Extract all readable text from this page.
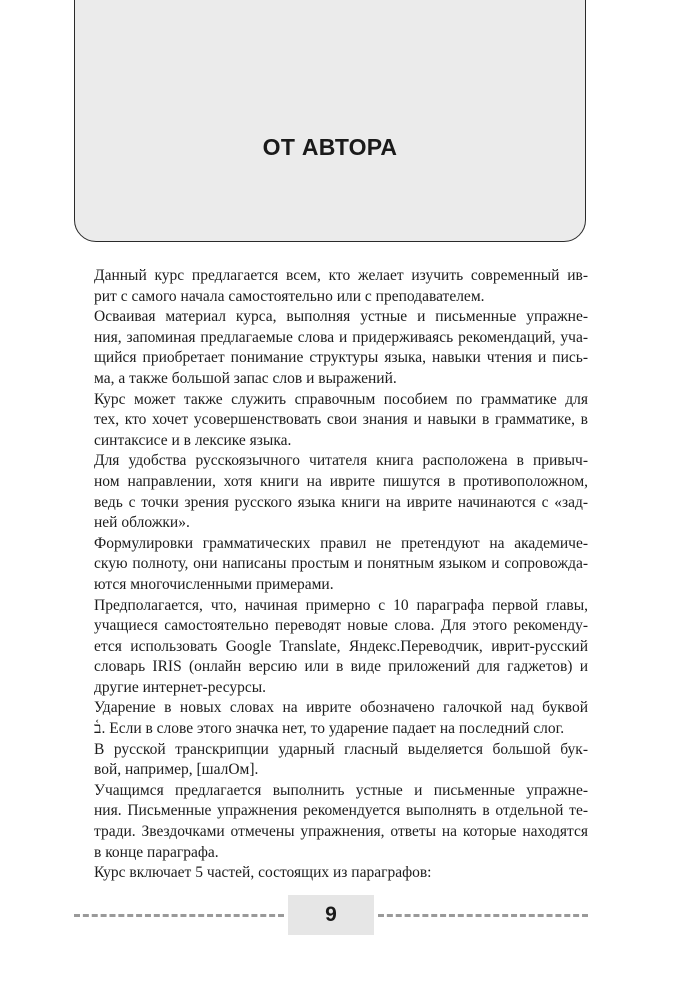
ОТ АВТОРА

Данный курс предлагается всем, кто желает изучить современный ив-
рит с самого начала самостоятельно или с преподавателем.

Осваивая материал курса, выполняя устные и письменные упражне-
ния, запоминая предлагаемые слова и придерживаясь рекомендаций, уча-
щийся приобретает понимание структуры языка, навыки чтения и пись-
ма, а также большой запас слов и выражений.

Курс может также служить справочным пособием по грамматике для
тех, кто хочет усовершенствовать свои знания и навыки в грамматике, в
синтаксисе и в лексике языка.

Для удобства русскоязычного читателя книга расположена в привыч-
ном направлении, хотя книги на иврите пишутся в противоположном,
ведь с точки зрения русского языка книги на иврите начинаются с «зад-
ней обложки».

Формулировки грамматических правил не претендуют на академиче-
скую полноту, они написаны простым и понятным языком и сопровожда-
ются многочисленными примерами.

Предполагается, что, начиная примерно с 10 параграфа первой главы,
учащиеся самостоятельно переводят новые слова. Для этого рекоменду-
ется использовать Google Translate, Яндекс.Переводчик, иврит-русский
словарь IRIS (онлайн версию или в виде приложений для гаджетов) и
другие интернет-ресурсы.

Ударение в новых словах на иврите обозначено галочкой над буквой
ב֫. Если в слове этого значка нет, то ударение падает на последний слог.

В русской транскрипции ударный гласный выделяется большой бук-
вой, например, [шалОм].

Учащимся предлагается выполнить устные и письменные упражне-
ния. Письменные упражнения рекомендуется выполнять в отдельной те-
тради. Звездочками отмечены упражнения, ответы на которые находятся
в конце параграфа.

Курс включает 5 частей, состоящих из параграфов:

9
